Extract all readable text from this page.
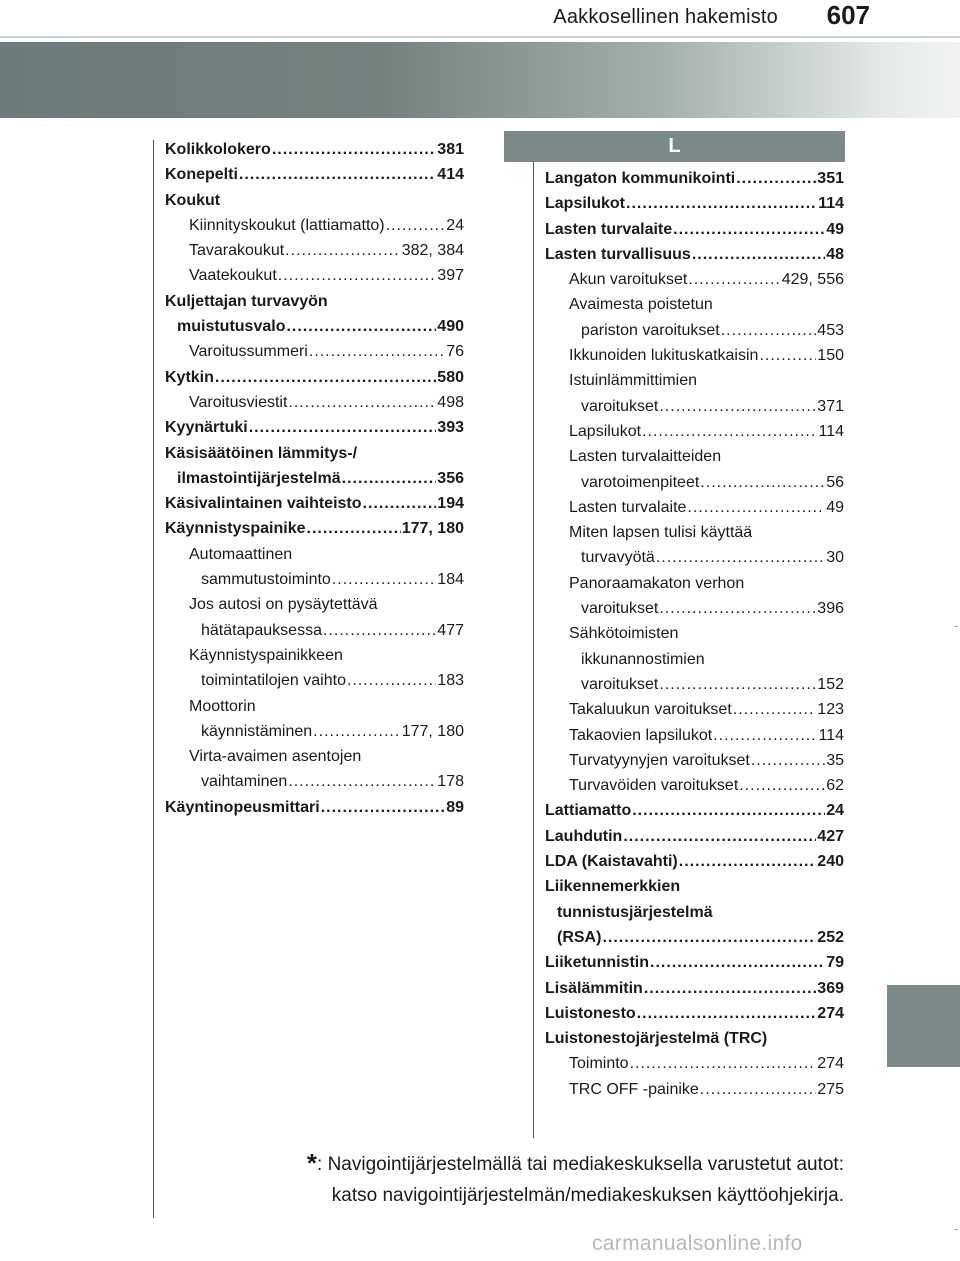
Aakkosellinen hakemisto 607
Kolikkolokero .....	381
Konepelti .....	414
Koukut
Kiinnityskoukut (lattiamatto) .....	24
Tavarakoukut .....	382, 384
Vaatekoukut .....	397
Kuljettajan turvavyön
muistutusvalo .....	490
Varoitussummeri .....	76
Kytkin .....	580
Varoitusviestit .....	498
Kyynärtuki .....	393
Käsisäätöinen lämmitys-/
ilmastointijärjestelmä .....	356
Käsivalintainen vaihteisto .....	194
Käynnistyspainike .....	177, 180
Automaattinen
sammutustoiminto .....	184
Jos autosi on pysäytettävä
hätätapauksessa .....	477
Käynnistyspainikkeen
toimintatilojen vaihto .....	183
Moottorin
käynnistäminen .....	177, 180
Virta-avaimen asentojen
vaihtaminen .....	178
Käyntinopeusmittari .....	89
L
Langaton kommunikointi .....	351
Lapsilukot .....	114
Lasten turvalaite .....	49
Lasten turvallisuus .....	48
Akun varoitukset .....	429, 556
Avaimesta poistetun
pariston varoitukset .....	453
Ikkunoiden lukituskatkaisin .....	150
Istuinlämmittimien
varoitukset .....	371
Lapsilukot .....	114
Lasten turvalaitteiden
varotoimenpiteet .....	56
Lasten turvalaite .....	49
Miten lapsen tulisi käyttää
turvavyötä .....	30
Panoraamakaton verhon
varoitukset .....	396
Sähkötoimisten
ikkunannostimien
varoitukset .....	152
Takaluukun varoitukset .....	123
Takaovien lapsilukot .....	114
Turvatyynyjen varoitukset .....	35
Turvavöiden varoitukset .....	62
Lattiamatto .....	24
Lauhdutin .....	427
LDA (Kaistavahti) .....	240
Liikennemerkkien
tunnistusjärjestelmä
(RSA) .....	252
Liiketunnistin .....	79
Lisälämmitin .....	369
Luistonesto .....	274
Luistonestojärjestelmä (TRC)
Toiminto .....	274
TRC OFF -painike .....	275
*: Navigointijärjestelmällä tai mediakeskuksella varustetut autot:
katso navigointijärjestelmän/mediakeskuksen käyttöohjekirja.
carmanualsonline.info
